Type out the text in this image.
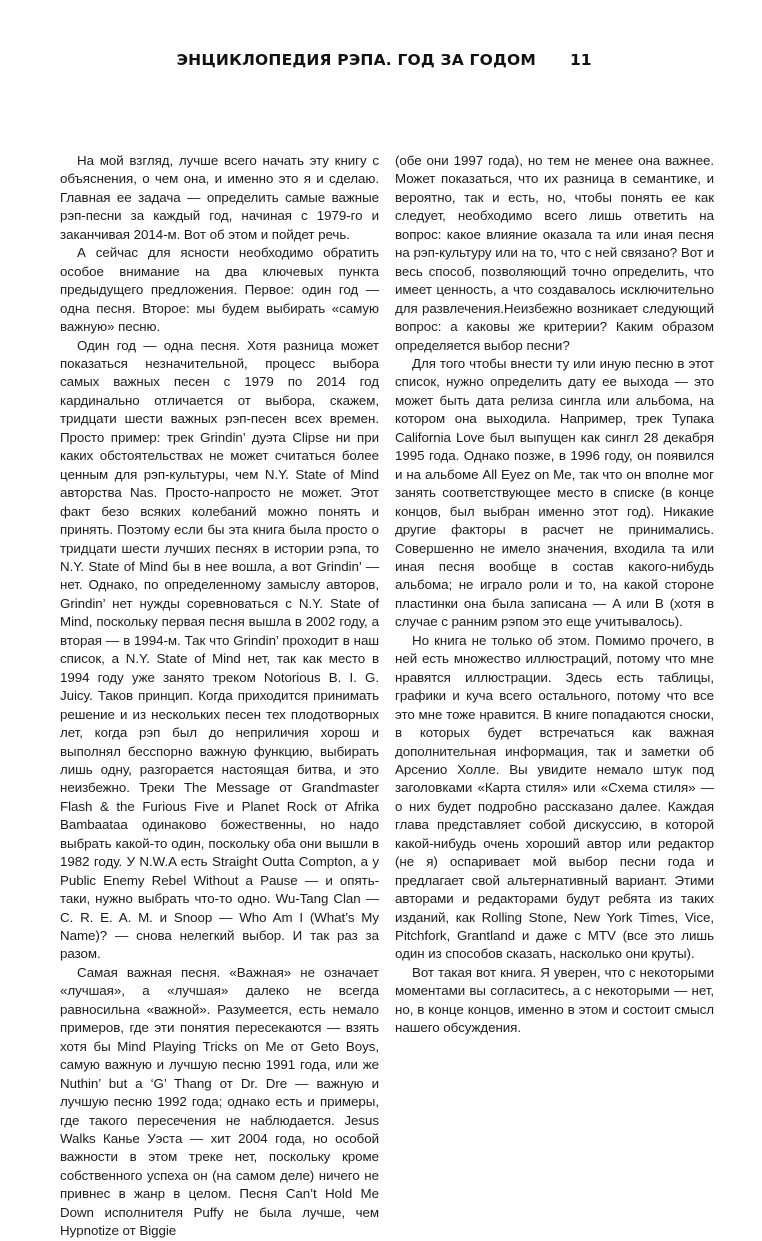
ЭНЦИКЛОПЕДИЯ РЭПА. ГОД ЗА ГОДОМ 11

На мой взгляд, лучше всего начать эту книгу с объяснения, о чем она, и именно это я и сделаю. Главная ее задача — определить самые важные рэп-песни за каждый год, начиная с 1979-го и заканчивая 2014-м. Вот об этом и пойдет речь.

А сейчас для ясности необходимо обратить особое внимание на два ключевых пункта предыдущего предложения. Первое: один год — одна песня. Второе: мы будем выбирать «самую важную» песню.

Один год — одна песня. Хотя разница может показаться незначительной, процесс выбора самых важных песен с 1979 по 2014 год кардинально отличается от выбора, скажем, тридцати шести важных рэп-песен всех времен. Просто пример: трек Grindin’ дуэта Clipse ни при каких обстоятельствах не может считаться более ценным для рэп-культуры, чем N.Y. State of Mind авторства Nas. Просто-напросто не может. Этот факт безо всяких колебаний можно понять и принять. Поэтому если бы эта книга была просто о тридцати шести лучших песнях в истории рэпа, то N.Y. State of Mind бы в нее вошла, а вот Grindin’ — нет. Однако, по определенному замыслу авторов, Grindin’ нет нужды соревноваться с N.Y. State of Mind, поскольку первая песня вышла в 2002 году, а вторая — в 1994-м. Так что Grindin’ проходит в наш список, а N.Y. State of Mind нет, так как место в 1994 году уже занято треком Notorious B. I. G. Juicy. Таков принцип. Когда приходится принимать решение и из нескольких песен тех плодотворных лет, когда рэп был до неприличия хорош и выполнял бесспорно важную функцию, выбирать лишь одну, разгорается настоящая битва, и это неизбежно. Треки The Message от Grandmaster Flash & the Furious Five и Planet Rock от Afrika Bambaataa одинаково божественны, но надо выбрать какой-то один, поскольку оба они вышли в 1982 году. У N.W.A есть Straight Outta Compton, а у Public Enemy Rebel Without a Pause — и опять-таки, нужно выбрать что-то одно. Wu-Tang Clan — C. R. E. A. M. и Snoop — Who Am I (What’s My Name)? — снова нелегкий выбор. И так раз за разом.

Самая важная песня. «Важная» не означает «лучшая», а «лучшая» далеко не всегда равносильна «важной». Разумеется, есть немало примеров, где эти понятия пересекаются — взять хотя бы Mind Playing Tricks on Me от Geto Boys, самую важную и лучшую песню 1991 года, или же Nuthin’ but a ‘G’ Thang от Dr. Dre — важную и лучшую песню 1992 года; однако есть и примеры, где такого пересечения не наблюдается. Jesus Walks Канье Уэста — хит 2004 года, но особой важности в этом треке нет, поскольку кроме собственного успеха он (на самом деле) ничего не привнес в жанр в целом. Песня Can’t Hold Me Down исполнителя Puffy не была лучше, чем Hypnotize от Biggie

(обе они 1997 года), но тем не менее она важнее. Может показаться, что их разница в семантике, и вероятно, так и есть, но, чтобы понять ее как следует, необходимо всего лишь ответить на вопрос: какое влияние оказала та или иная песня на рэп-культуру или на то, что с ней связано? Вот и весь способ, позволяющий точно определить, что имеет ценность, а что создавалось исключительно для развлечения.Неизбежно возникает следующий вопрос: а каковы же критерии? Каким образом определяется выбор песни?

Для того чтобы внести ту или иную песню в этот список, нужно определить дату ее выхода — это может быть дата релиза сингла или альбома, на котором она выходила. Например, трек Тупака California Love был выпущен как сингл 28 декабря 1995 года. Однако позже, в 1996 году, он появился и на альбоме All Eyez on Me, так что он вполне мог занять соответствующее место в списке (в конце концов, был выбран именно этот год). Никакие другие факторы в расчет не принимались. Совершенно не имело значения, входила та или иная песня вообще в состав какого-нибудь альбома; не играло роли и то, на какой стороне пластинки она была записана — A или B (хотя в случае с ранним рэпом это еще учитывалось).

Но книга не только об этом. Помимо прочего, в ней есть множество иллюстраций, потому что мне нравятся иллюстрации. Здесь есть таблицы, графики и куча всего остального, потому что все это мне тоже нравится. В книге попадаются сноски, в которых будет встречаться как важная дополнительная информация, так и заметки об Арсенио Холле. Вы увидите немало штук под заголовками «Карта стиля» или «Схема стиля» — о них будет подробно рассказано далее. Каждая глава представляет собой дискуссию, в которой какой-нибудь очень хороший автор или редактор (не я) оспаривает мой выбор песни года и предлагает свой альтернативный вариант. Этими авторами и редакторами будут ребята из таких изданий, как Rolling Stone, New York Times, Vice, Pitchfork, Grantland и даже с MTV (все это лишь один из способов сказать, насколько они круты).

Вот такая вот книга. Я уверен, что с некоторыми моментами вы согласитесь, а с некоторыми — нет, но, в конце концов, именно в этом и состоит смысл нашего обсуждения.
